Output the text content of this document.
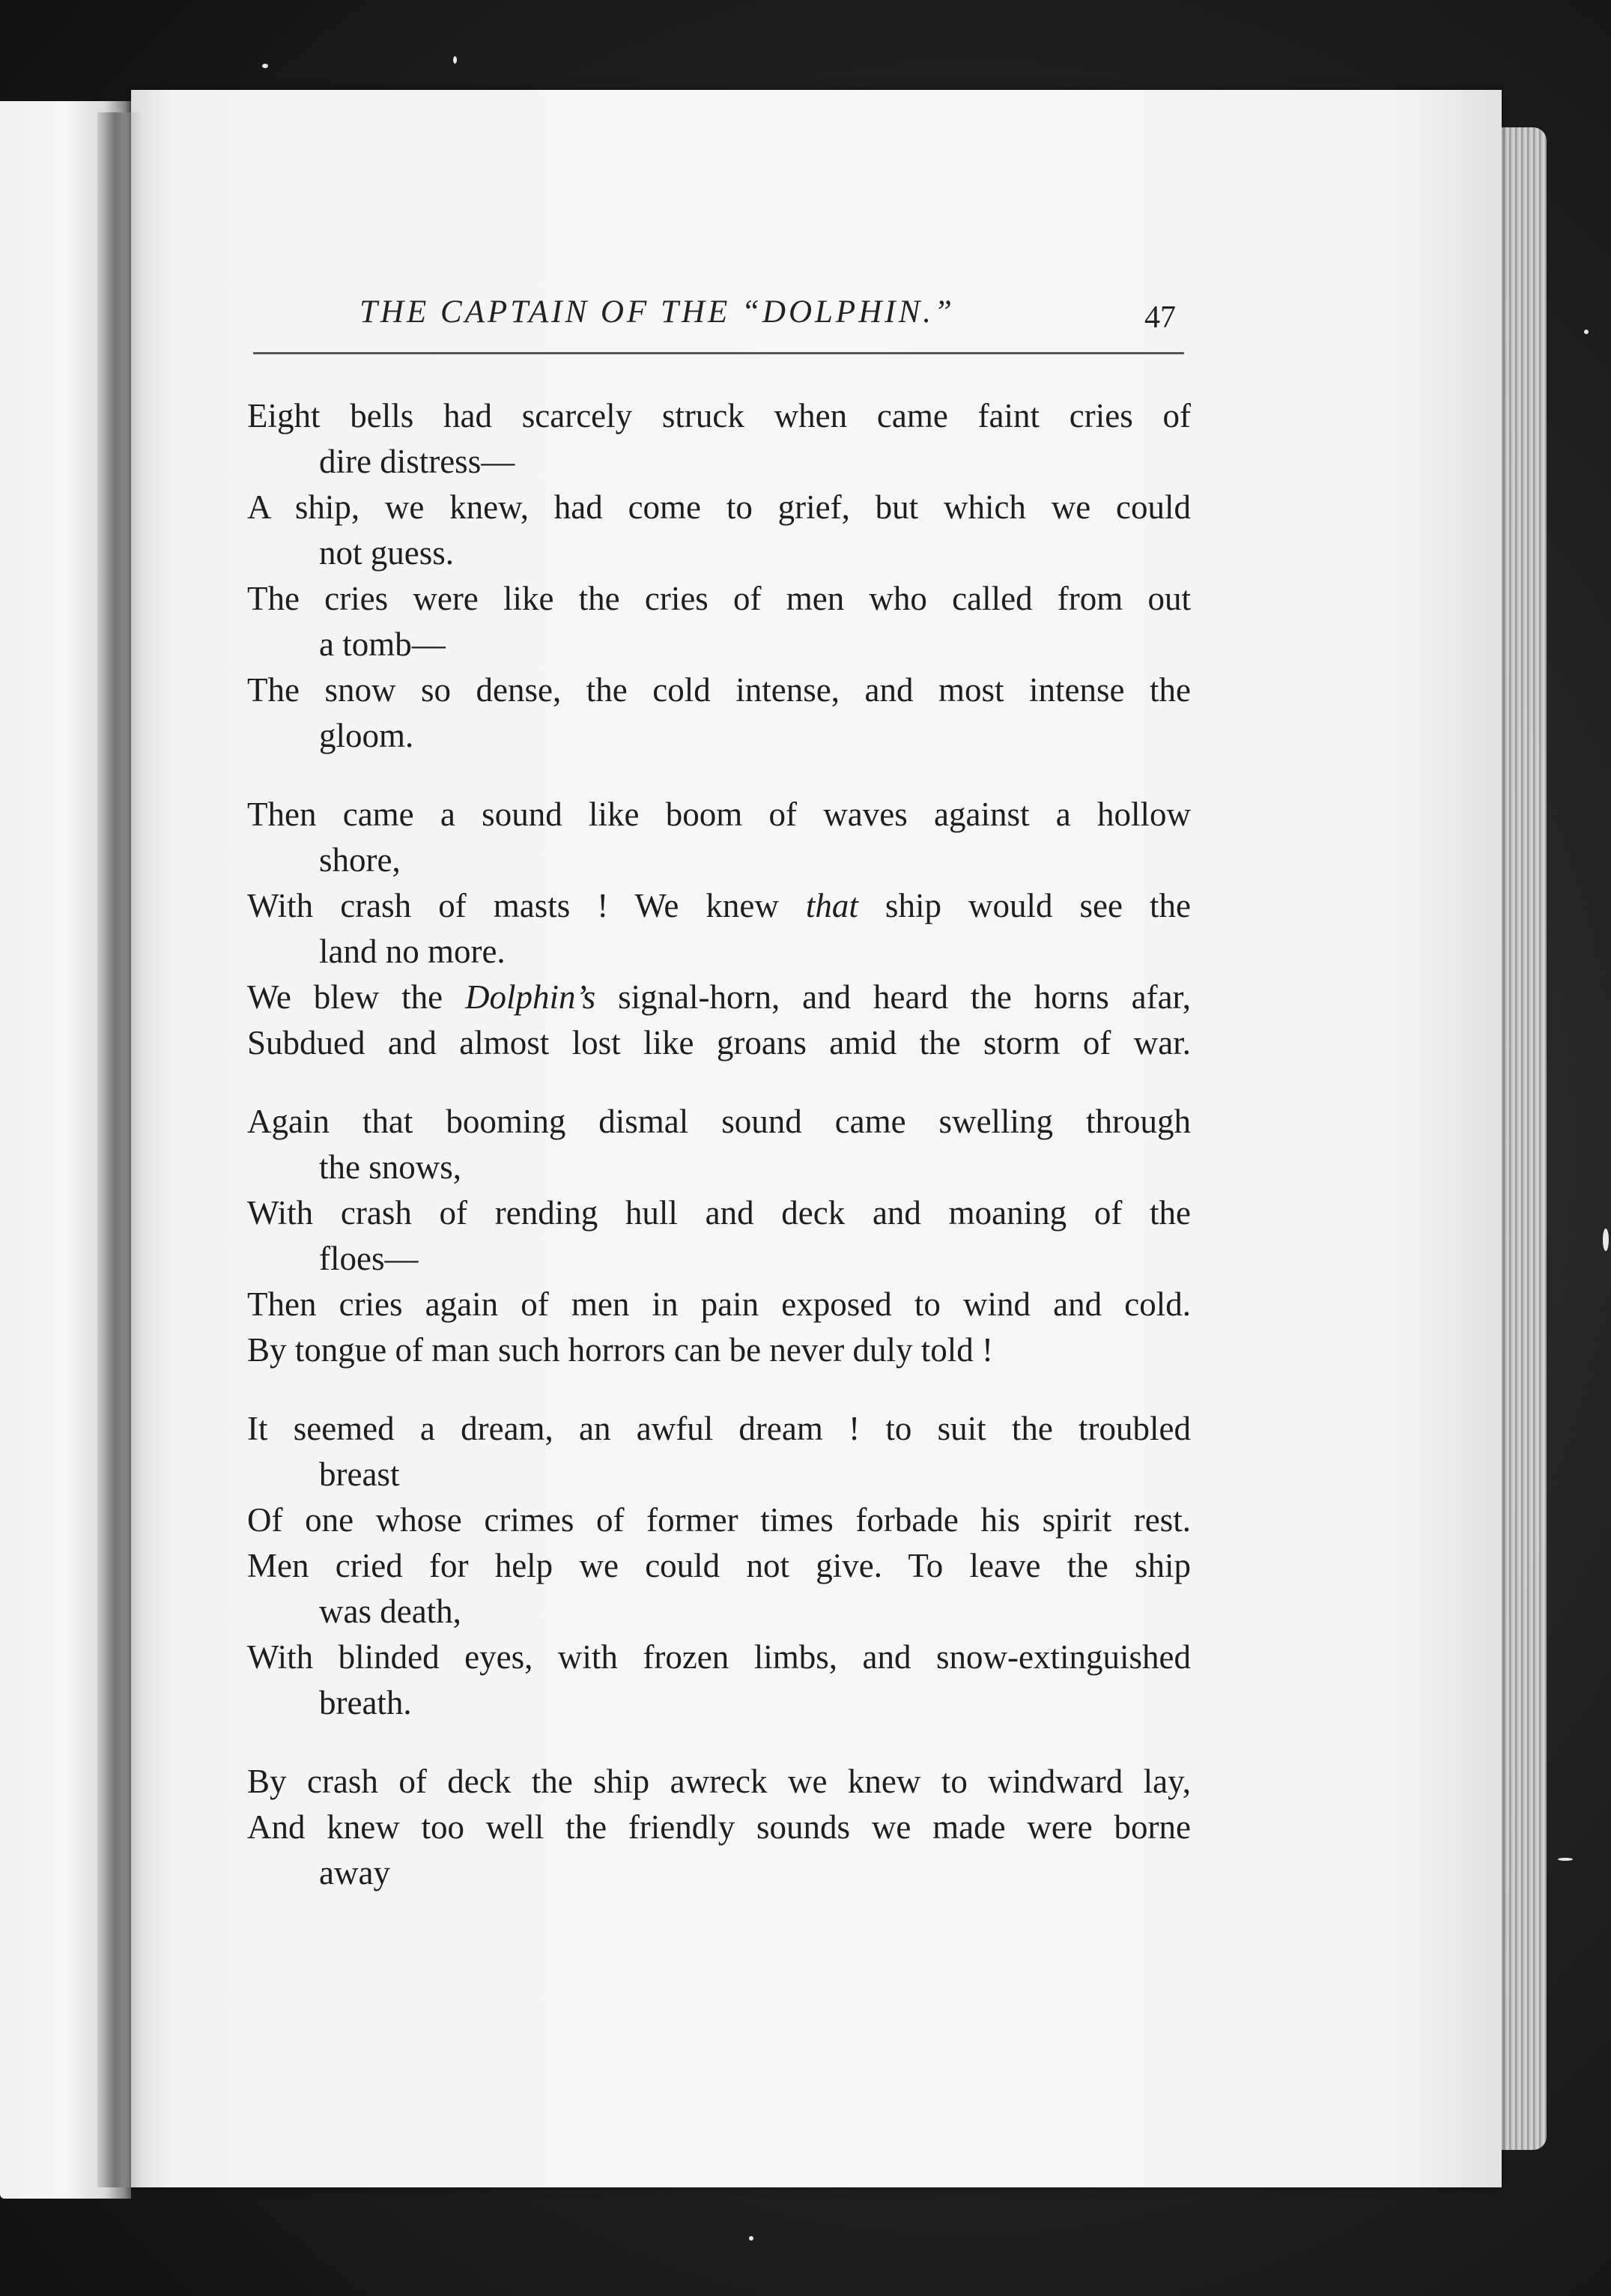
THE CAPTAIN OF THE “DOLPHIN.”	47
Eight bells had scarcely struck when came faint cries of
dire distress—
A ship, we knew, had come to grief, but which we could
not guess.
The cries were like the cries of men who called from out
a tomb—
The snow so dense, the cold intense, and most intense the
gloom.
Then came a sound like boom of waves against a hollow
shore,
With crash of masts ! We knew that ship would see the
land no more.
We blew the Dolphin’s signal-horn, and heard the horns afar,
Subdued and almost lost like groans amid the storm of war.
Again that booming dismal sound came swelling through
the snows,
With crash of rending hull and deck and moaning of the
floes—
Then cries again of men in pain exposed to wind and cold.
By tongue of man such horrors can be never duly told !
It seemed a dream, an awful dream ! to suit the troubled
breast
Of one whose crimes of former times forbade his spirit rest.
Men cried for help we could not give. To leave the ship
was death,
With blinded eyes, with frozen limbs, and snow-extinguished
breath.
By crash of deck the ship awreck we knew to windward lay,
And knew too well the friendly sounds we made were borne
away
